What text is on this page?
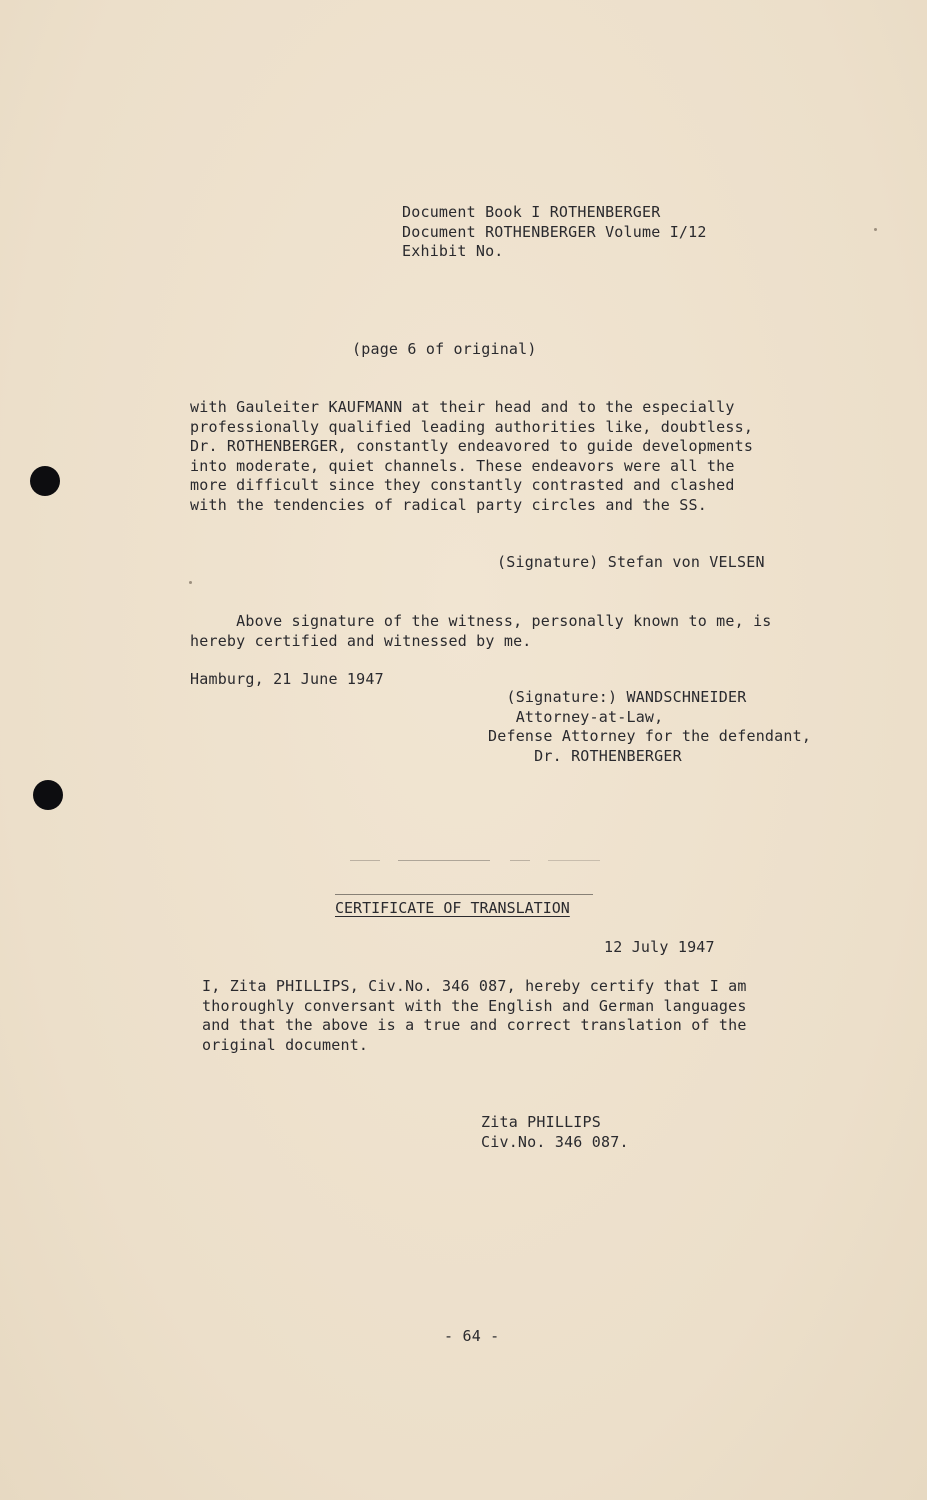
Document Book I ROTHENBERGER
Document ROTHENBERGER Volume I/12
Exhibit No.
(page 6 of original)
with Gauleiter KAUFMANN at their head and to the especially
professionally qualified leading authorities like, doubtless,
Dr. ROTHENBERGER, constantly endeavored to guide developments
into moderate, quiet channels. These endeavors were all the
more difficult since they constantly contrasted and clashed
with the tendencies of radical party circles and the SS.
(Signature) Stefan von VELSEN
Above signature of the witness, personally known to me, is
hereby certified and witnessed by me.
Hamburg, 21 June 1947
(Signature:) WANDSCHNEIDER
Attorney-at-Law,
Defense Attorney for the defendant,
Dr. ROTHENBERGER
CERTIFICATE OF TRANSLATION
12 July 1947
I, Zita PHILLIPS, Civ.No. 346 087, hereby certify that I am
thoroughly conversant with the English and German languages
and that the above is a true and correct translation of the
original document.
Zita PHILLIPS
Civ.No. 346 087.
- 64 -
